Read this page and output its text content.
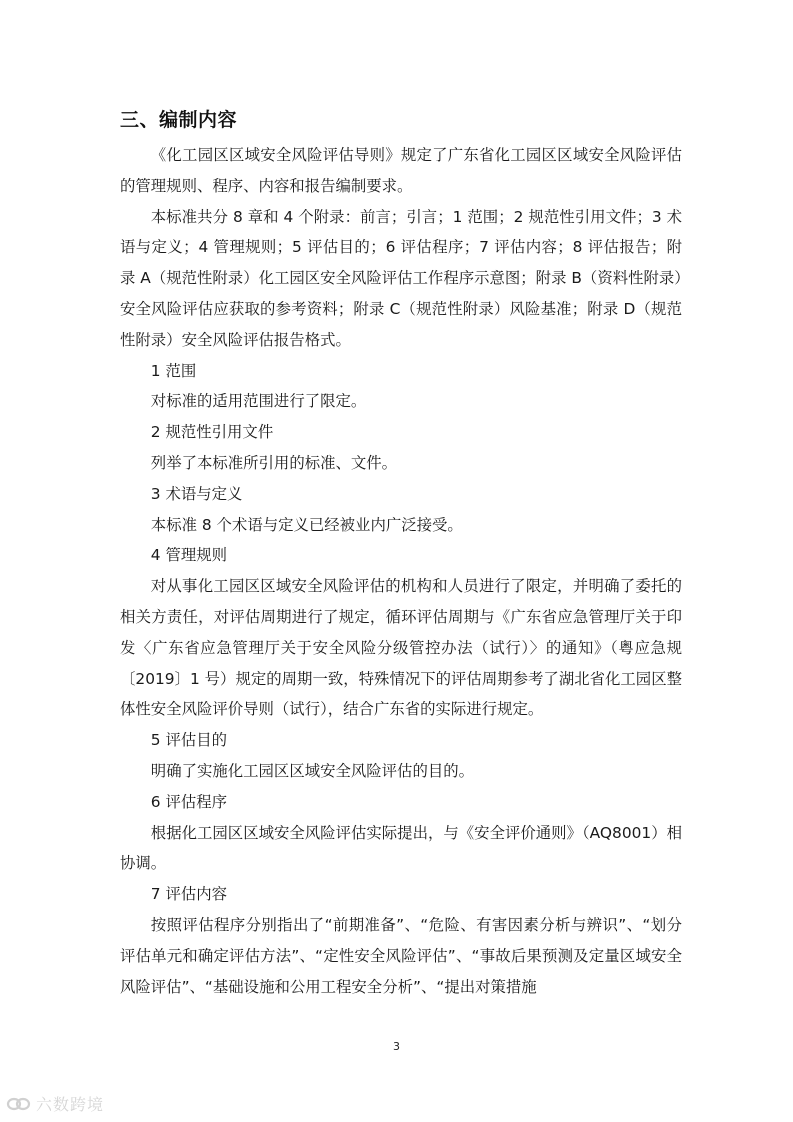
三、编制内容

《化工园区区域安全风险评估导则》规定了广东省化工园区区域安全风险评估的管理规则、程序、内容和报告编制要求。

本标准共分 8 章和 4 个附录：前言；引言；1 范围；2 规范性引用文件；3 术语与定义；4 管理规则；5 评估目的；6 评估程序；7 评估内容；8 评估报告；附录 A（规范性附录）化工园区安全风险评估工作程序示意图；附录 B（资料性附录）安全风险评估应获取的参考资料；附录 C（规范性附录）风险基准；附录 D（规范性附录）安全风险评估报告格式。

1 范围

对标准的适用范围进行了限定。

2 规范性引用文件

列举了本标准所引用的标准、文件。

3 术语与定义

本标准 8 个术语与定义已经被业内广泛接受。

4 管理规则

对从事化工园区区域安全风险评估的机构和人员进行了限定，并明确了委托的相关方责任，对评估周期进行了规定，循环评估周期与《广东省应急管理厅关于印发〈广东省应急管理厅关于安全风险分级管控办法（试行）〉的通知》（粤应急规〔2019〕1 号）规定的周期一致，特殊情况下的评估周期参考了湖北省化工园区整体性安全风险评价导则（试行），结合广东省的实际进行规定。

5 评估目的

明确了实施化工园区区域安全风险评估的目的。

6 评估程序

根据化工园区区域安全风险评估实际提出，与《安全评价通则》（AQ8001）相协调。

7 评估内容

按照评估程序分别指出了“前期准备”、“危险、有害因素分析与辨识”、“划分评估单元和确定评估方法”、“定性安全风险评估”、“事故后果预测及定量区域安全风险评估”、“基础设施和公用工程安全分析”、“提出对策措施

3
六数跨境
